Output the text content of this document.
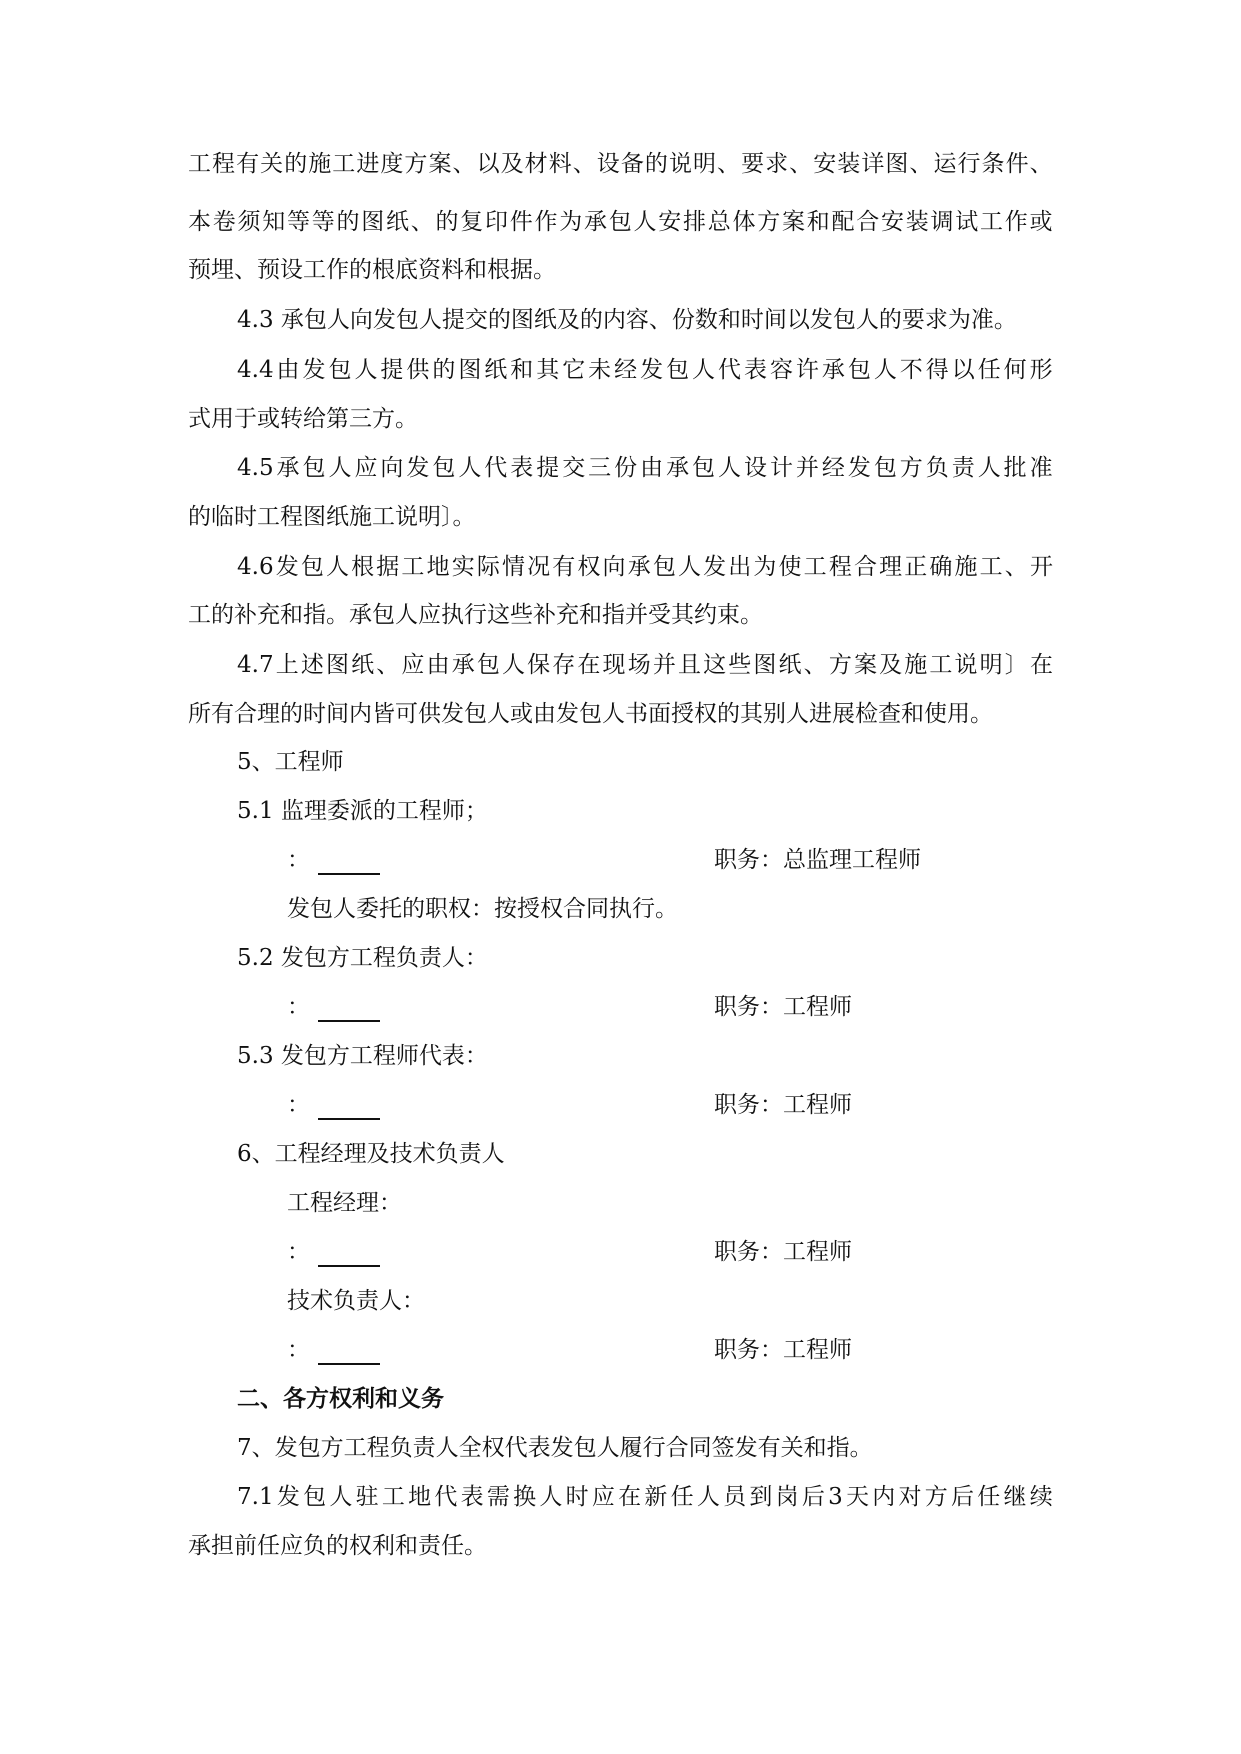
工 程 有 关 的 施 工 进 度 方 案 、 以 及 材 料 、 设 备 的 说 明 、 要 求 、 安 装 详 图 、 运 行 条 件 、
本 卷 须 知 等 等 的 图 纸 、 的 复 印 件 作 为 承 包 人 安 排 总 体 方 案 和 配 合 安 装 调 试 工 作 或
预埋、预设工作的根底资料和根据。
4.3 承包人向发包人提交的图纸及的内容、份数和时间以发包人的要求为准。
4.4 由 发 包 人 提 供 的 图 纸 和 其 它 未 经 发 包 人 代 表 容 许 承 包 人 不 得 以 任 何 形
式用于或转给第三方。
4.5 承 包 人 应 向 发 包 人 代 表 提 交 三 份 由 承 包 人 设 计 并 经 发 包 方 负 责 人 批 准
的临时工程图纸施工说明〕。
4.6 发 包 人 根 据 工 地 实 际 情 况 有 权 向 承 包 人 发 出 为 使 工 程 合 理 正 确 施 工 、 开
工的补充和指。承包人应执行这些补充和指并受其约束。
4.7 上 述 图 纸 、 应 由 承 包 人 保 存 在 现 场 并 且 这 些 图 纸 、 方 案 及 施 工 说 明 〕 在
所有合理的时间内皆可供发包人或由发包人书面授权的其别人进展检查和使用。
5、工程师
5.1 监理委派的工程师；
：	职务：总监理工程师
发包人委托的职权：按授权合同执行。
5.2 发包方工程负责人：
：	职务：工程师
5.3 发包方工程师代表：
：	职务：工程师
6、工程经理及技术负责人
工程经理：
：	职务：工程师
技术负责人：
：	职务：工程师
二、各方权利和义务
7、发包方工程负责人全权代表发包人履行合同签发有关和指。
7.1 发 包 人 驻 工 地 代 表 需 换 人 时 应 在 新 任 人 员 到 岗 后 3 天 内 对 方 后 任 继 续
承担前任应负的权利和责任。
